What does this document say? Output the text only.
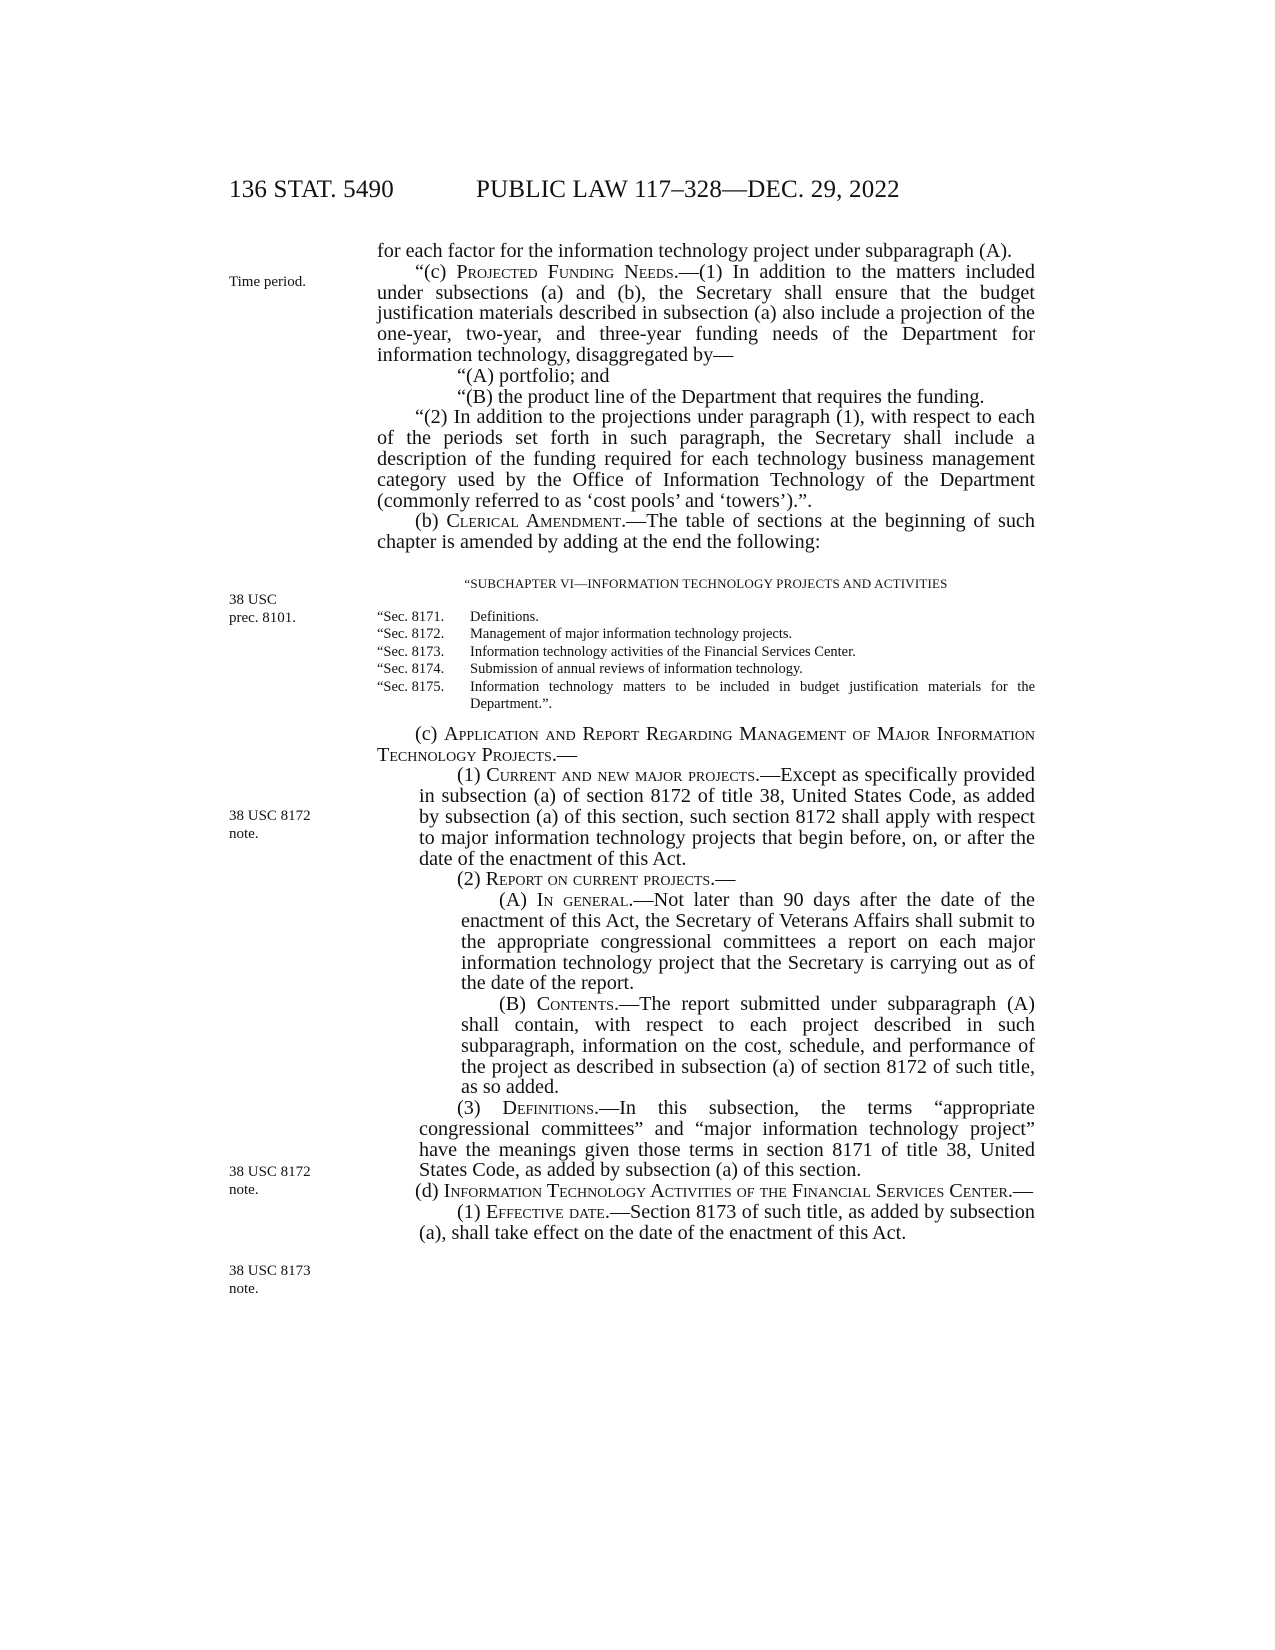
136 STAT. 5490	PUBLIC LAW 117–328—DEC. 29, 2022
Time period.
38 USC
prec. 8101.
38 USC 8172
note.
38 USC 8172
note.
38 USC 8173
note.

for each factor for the information technology project under subparagraph (A).

“(c) Projected Funding Needs.—(1) In addition to the matters included under subsections (a) and (b), the Secretary shall ensure that the budget justification materials described in subsection (a) also include a projection of the one-year, two-year, and three-year funding needs of the Department for information technology, disaggregated by—

“(A) portfolio; and

“(B) the product line of the Department that requires the funding.

“(2) In addition to the projections under paragraph (1), with respect to each of the periods set forth in such paragraph, the Secretary shall include a description of the funding required for each technology business management category used by the Office of Information Technology of the Department (commonly referred to as ‘cost pools’ and ‘towers’).”.

(b) Clerical Amendment.—The table of sections at the beginning of such chapter is amended by adding at the end the following:

“SUBCHAPTER VI—INFORMATION TECHNOLOGY PROJECTS AND ACTIVITIES
“Sec. 8171.	Definitions.
“Sec. 8172.	Management of major information technology projects.
“Sec. 8173.	Information technology activities of the Financial Services Center.
“Sec. 8174.	Submission of annual reviews of information technology.
“Sec. 8175.	Information technology matters to be included in budget justification materials for the Department.”.

(c) Application and Report Regarding Management of Major Information Technology Projects.—

(1) Current and new major projects.—Except as specifically provided in subsection (a) of section 8172 of title 38, United States Code, as added by subsection (a) of this section, such section 8172 shall apply with respect to major information technology projects that begin before, on, or after the date of the enactment of this Act.

(2) Report on current projects.—

(A) In general.—Not later than 90 days after the date of the enactment of this Act, the Secretary of Veterans Affairs shall submit to the appropriate congressional committees a report on each major information technology project that the Secretary is carrying out as of the date of the report.

(B) Contents.—The report submitted under subparagraph (A) shall contain, with respect to each project described in such subparagraph, information on the cost, schedule, and performance of the project as described in subsection (a) of section 8172 of such title, as so added.

(3) Definitions.—In this subsection, the terms “appropriate congressional committees” and “major information technology project” have the meanings given those terms in section 8171 of title 38, United States Code, as added by subsection (a) of this section.

(d) Information Technology Activities of the Financial Services Center.—

(1) Effective date.—Section 8173 of such title, as added by subsection (a), shall take effect on the date of the enactment of this Act.
